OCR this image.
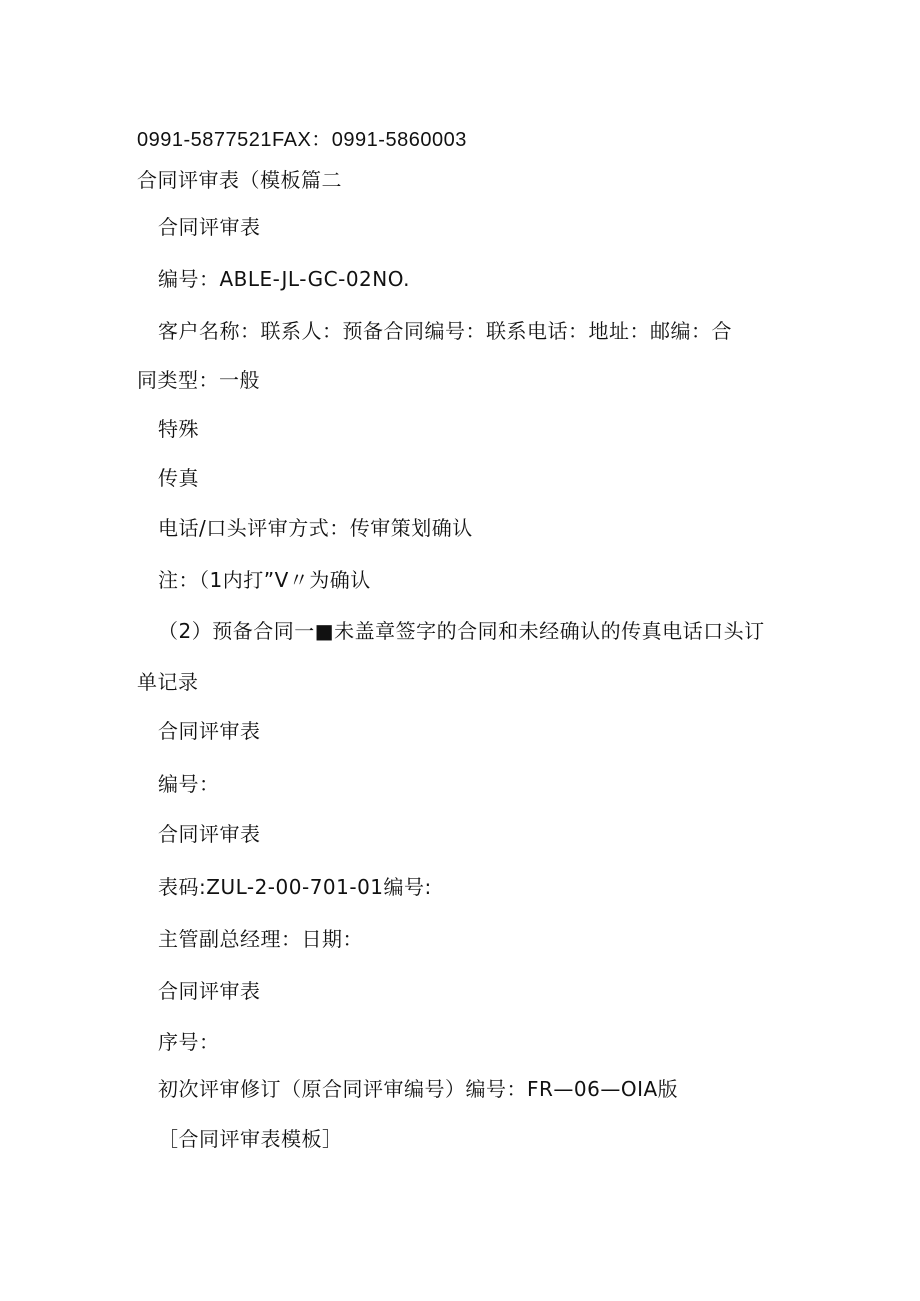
0991-5877521FAX：0991-5860003
合同评审表（模板篇二
合同评审表
编号：ABLE-JL-GC-02NO.
客户名称：联系人：预备合同编号：联系电话：地址：邮编：合
同类型：一般
特殊
传真
电话/口头评审方式：传审策划确认
注：（1内打”V〃为确认
（2）预备合同一■未盖章签字的合同和未经确认的传真电话口头订
单记录
合同评审表
编号：
合同评审表
表码:ZUL-2-00-701-01编号:
主管副总经理：日期：
合同评审表
序号：
初次评审修订（原合同评审编号）编号：FR—06—OIA版
［合同评审表模板］
